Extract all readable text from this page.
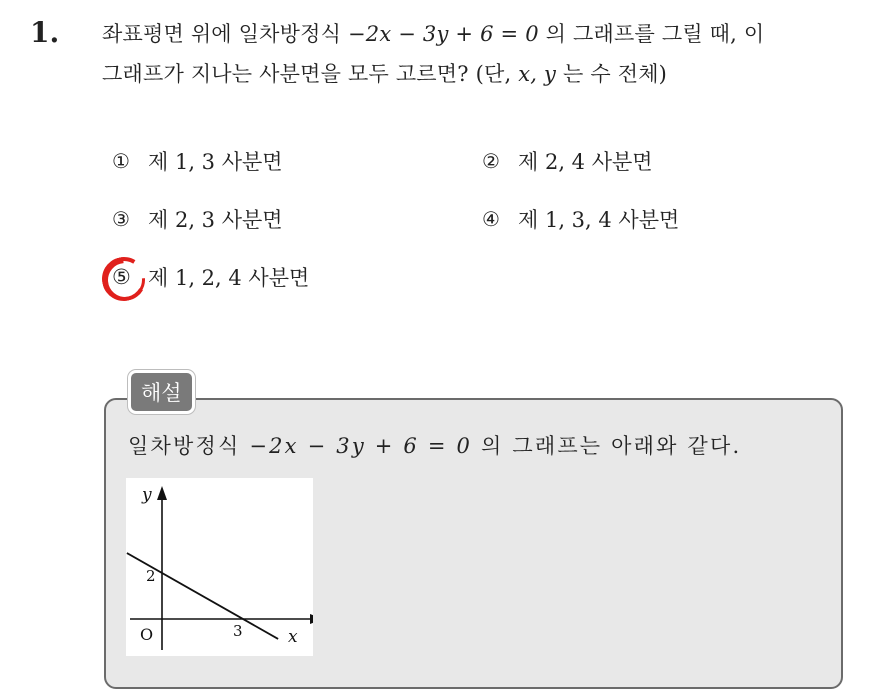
1. 좌표평면 위에 일차방정식 −2x − 3y + 6 = 0 의 그래프를 그릴 때, 이
그래프가 지나는 사분면을 모두 고르면? (단, x, y 는 수 전체)
① 제 1, 3 사분면	② 제 2, 4 사분면
③ 제 2, 3 사분면	④ 제 1, 3, 4 사분면
⑤ 제 1, 2, 4 사분면
해설
일차방정식 −2x − 3y + 6 = 0 의 그래프는 아래와 같다.
y
x
O	3
2
